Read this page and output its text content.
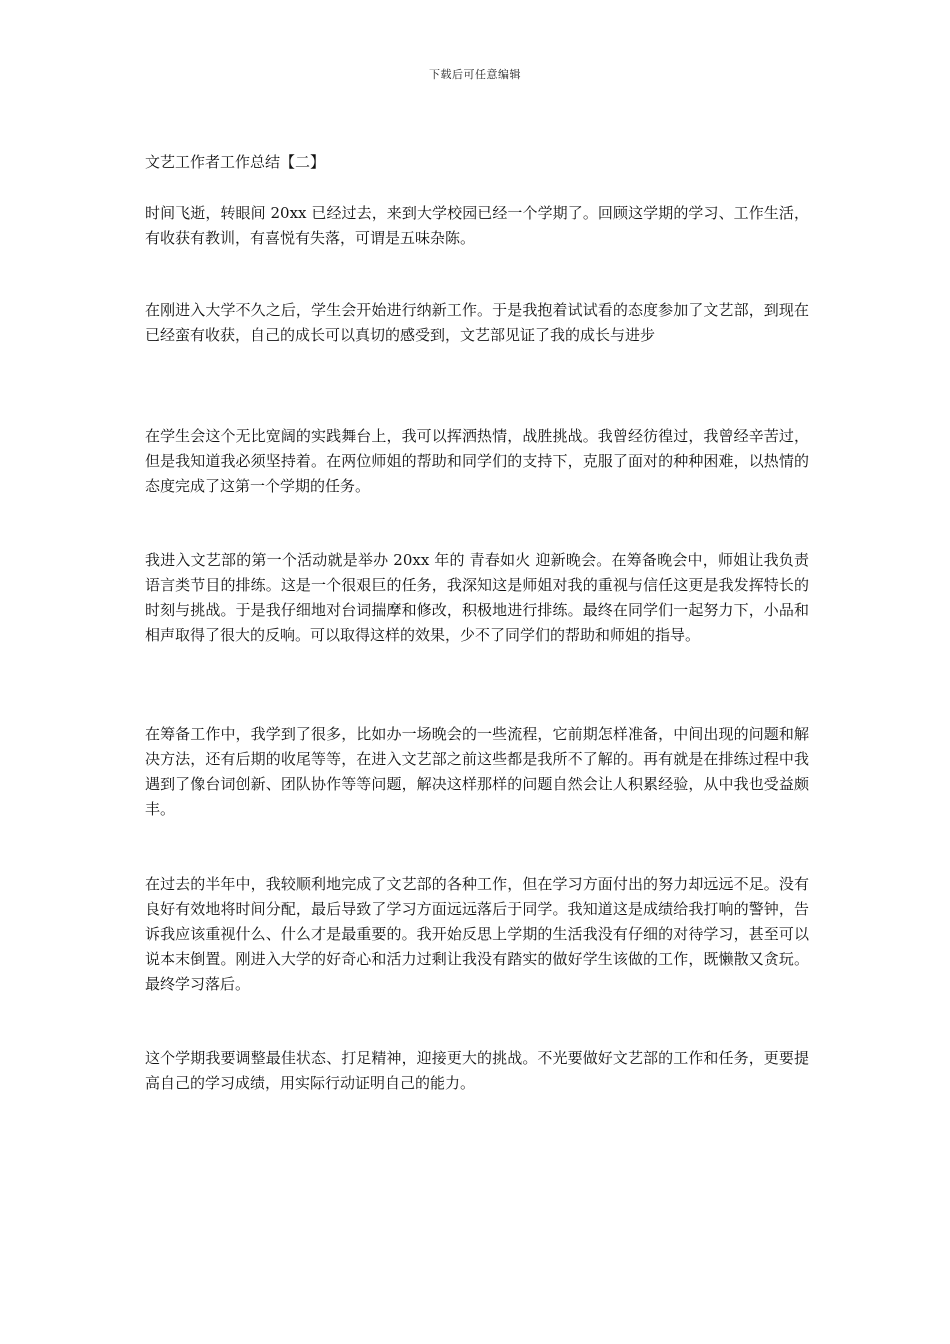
下载后可任意编辑
文艺工作者工作总结【二】

时间飞逝，转眼间 20xx 已经过去，来到大学校园已经一个学期了。回顾这学期的学习、工作生活，有收获有教训，有喜悦有失落，可谓是五味杂陈。

在刚进入大学不久之后，学生会开始进行纳新工作。于是我抱着试试看的态度参加了文艺部，到现在已经蛮有收获，自己的成长可以真切的感受到，文艺部见证了我的成长与进步

在学生会这个无比宽阔的实践舞台上，我可以挥洒热情，战胜挑战。我曾经彷徨过，我曾经辛苦过，但是我知道我必须坚持着。在两位师姐的帮助和同学们的支持下，克服了面对的种种困难，以热情的态度完成了这第一个学期的任务。

我进入文艺部的第一个活动就是举办 20xx 年的 青春如火 迎新晚会。在筹备晚会中，师姐让我负责语言类节目的排练。这是一个很艰巨的任务，我深知这是师姐对我的重视与信任这更是我发挥特长的时刻与挑战。于是我仔细地对台词揣摩和修改，积极地进行排练。最终在同学们一起努力下，小品和相声取得了很大的反响。可以取得这样的效果，少不了同学们的帮助和师姐的指导。

在筹备工作中，我学到了很多，比如办一场晚会的一些流程，它前期怎样准备，中间出现的问题和解决方法，还有后期的收尾等等，在进入文艺部之前这些都是我所不了解的。再有就是在排练过程中我遇到了像台词创新、团队协作等等问题，解决这样那样的问题自然会让人积累经验，从中我也受益颇丰。

在过去的半年中，我较顺利地完成了文艺部的各种工作，但在学习方面付出的努力却远远不足。没有良好有效地将时间分配，最后导致了学习方面远远落后于同学。我知道这是成绩给我打响的警钟，告诉我应该重视什么、什么才是最重要的。我开始反思上学期的生活我没有仔细的对待学习，甚至可以说本末倒置。刚进入大学的好奇心和活力过剩让我没有踏实的做好学生该做的工作，既懒散又贪玩。最终学习落后。

这个学期我要调整最佳状态、打足精神，迎接更大的挑战。不光要做好文艺部的工作和任务，更要提高自己的学习成绩，用实际行动证明自己的能力。
